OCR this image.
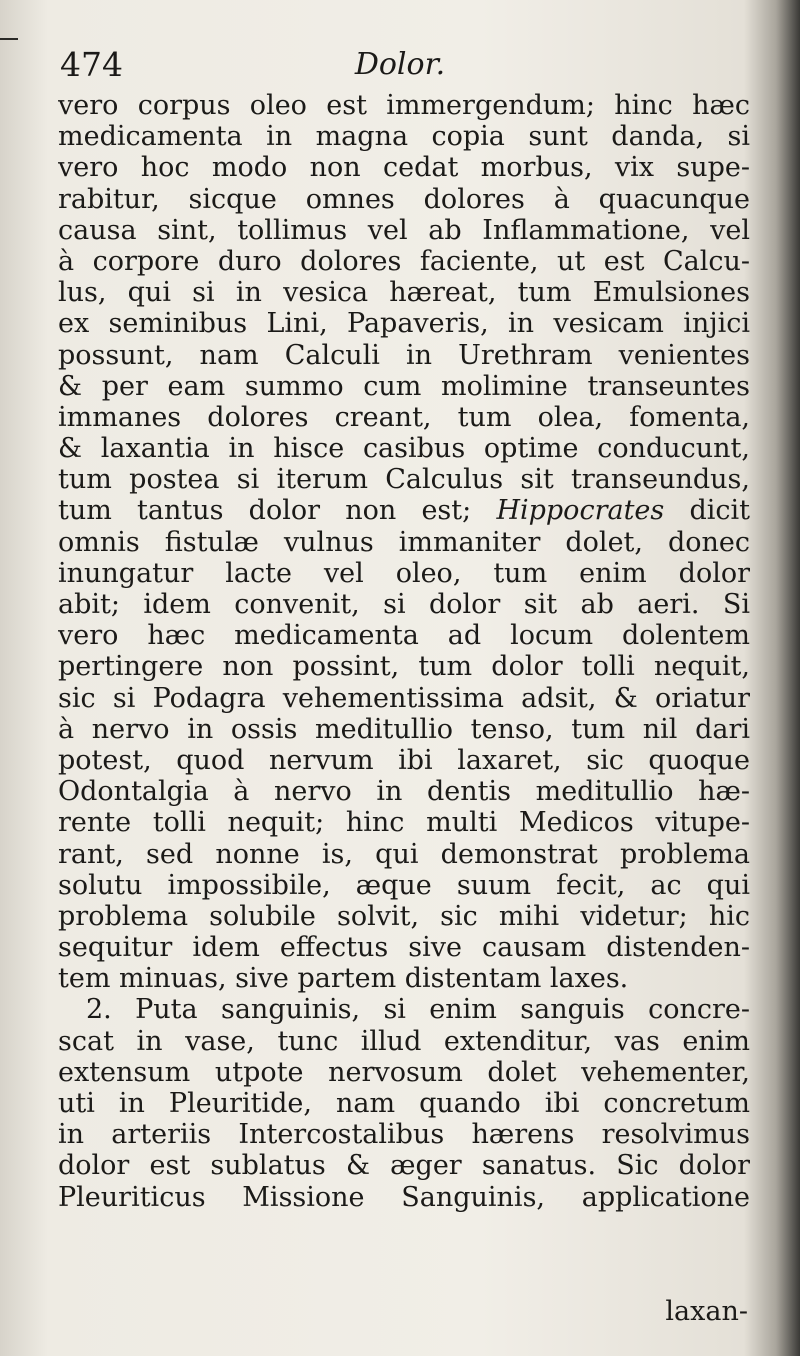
474	Dolor.
vero corpus oleo est immergendum; hinc hæc
medicamenta in magna copia sunt danda, si
vero hoc modo non cedat morbus, vix supe-
rabitur, sicque omnes dolores à quacunque
causa sint, tollimus vel ab Inflammatione, vel
à corpore duro dolores faciente, ut est Calcu-
lus, qui si in vesica hæreat, tum Emulsiones
ex seminibus Lini, Papaveris, in vesicam injici
possunt, nam Calculi in Urethram venientes
& per eam summo cum molimine transeuntes
immanes dolores creant, tum olea, fomenta,
& laxantia in hisce casibus optime conducunt,
tum postea si iterum Calculus sit transeundus,
tum tantus dolor non est; Hippocrates dicit
omnis fistulæ vulnus immaniter dolet, donec
inungatur lacte vel oleo, tum enim dolor
abit; idem convenit, si dolor sit ab aeri. Si
vero hæc medicamenta ad locum dolentem
pertingere non possint, tum dolor tolli nequit,
sic si Podagra vehementissima adsit, & oriatur
à nervo in ossis meditullio tenso, tum nil dari
potest, quod nervum ibi laxaret, sic quoque
Odontalgia à nervo in dentis meditullio hæ-
rente tolli nequit; hinc multi Medicos vitupe-
rant, sed nonne is, qui demonstrat problema
solutu impossibile, æque suum fecit, ac qui
problema solubile solvit, sic mihi videtur; hic
sequitur idem effectus sive causam distenden-
tem minuas, sive partem distentam laxes.
2. Puta sanguinis, si enim sanguis concre-
scat in vase, tunc illud extenditur, vas enim
extensum utpote nervosum dolet vehementer,
uti in Pleuritide, nam quando ibi concretum
in arteriis Intercostalibus hærens resolvimus
dolor est sublatus & æger sanatus. Sic dolor
Pleuriticus Missione Sanguinis, applicatione
laxan-
